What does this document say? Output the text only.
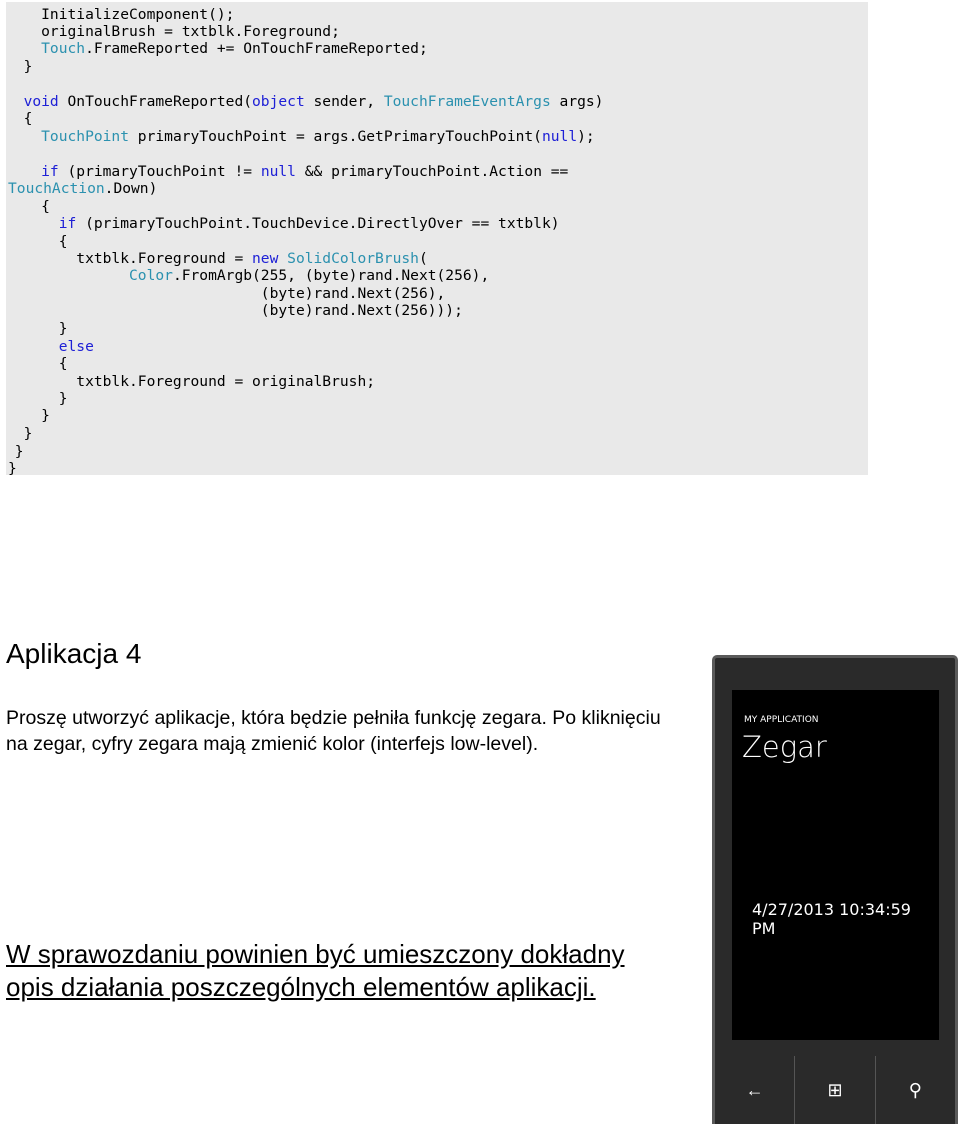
InitializeComponent();
originalBrush = txtblk.Foreground;
Touch.FrameReported += OnTouchFrameReported;
}
void OnTouchFrameReported(object sender, TouchFrameEventArgs args)
{
TouchPoint primaryTouchPoint = args.GetPrimaryTouchPoint(null);
if (primaryTouchPoint != null && primaryTouchPoint.Action ==
TouchAction.Down)
{
if (primaryTouchPoint.TouchDevice.DirectlyOver == txtblk)
{
txtblk.Foreground = new SolidColorBrush(
Color.FromArgb(255, (byte)rand.Next(256),
(byte)rand.Next(256),
(byte)rand.Next(256)));
}
else
{
txtblk.Foreground = originalBrush;
}
}
}
}
}
Aplikacja 4

Proszę utworzyć aplikacje, która będzie pełniła funkcję zegara. Po kliknięciu na zegar, cyfry zegara mają zmienić kolor (interfejs low-level).

W sprawozdaniu powinien być umieszczony dokładny opis działania poszczególnych elementów aplikacji.

MY APPLICATION
Zegar
4/27/2013 10:34:59 PM
←	⊞	⚲
